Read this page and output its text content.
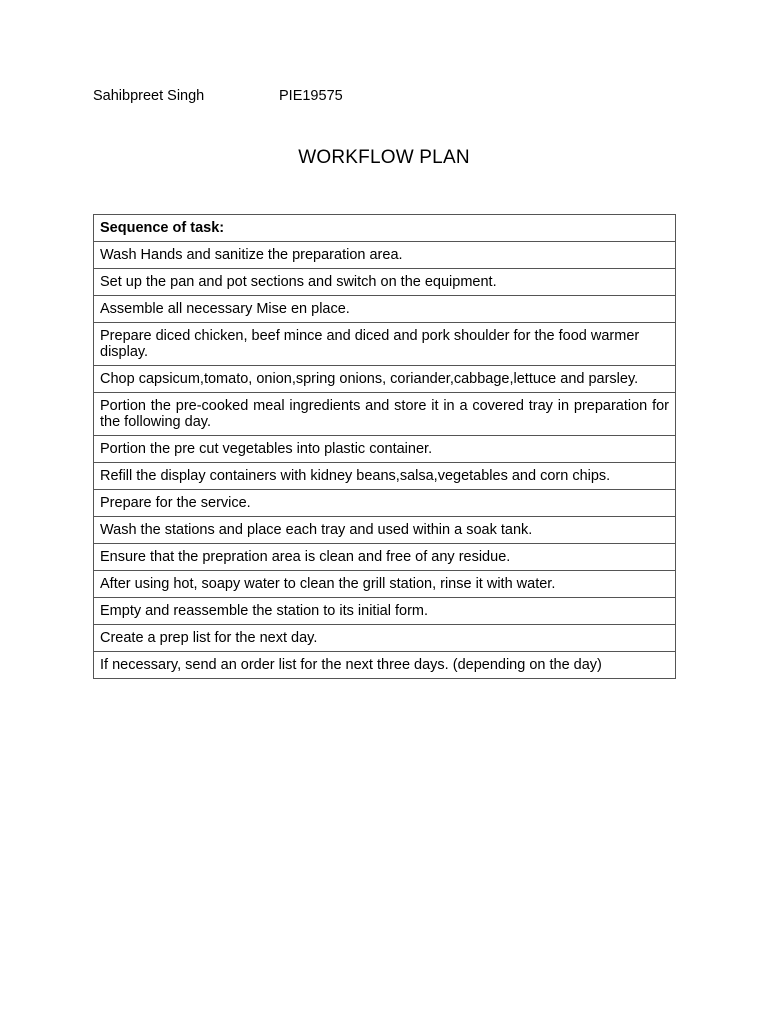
Sahibpreet Singh	PIE19575
WORKFLOW PLAN
Sequence of task:
Wash Hands and sanitize the preparation area.
Set up the pan and pot sections and switch on the equipment.
Assemble all necessary Mise en place.
Prepare diced chicken, beef mince and diced and pork shoulder for the food warmer display.
Chop capsicum,tomato, onion,spring onions, coriander,cabbage,lettuce and parsley.
Portion the pre-cooked meal ingredients and store it in a covered tray in preparation for the following day.
Portion the pre cut vegetables into plastic container.
Refill the display containers with kidney beans,salsa,vegetables and corn chips.
Prepare for the service.
Wash the stations and place each tray and used within a soak tank.
Ensure that the prepration area is clean and free of any residue.
After using hot, soapy water to clean the grill station, rinse it with water.
Empty and reassemble the station to its initial form.
Create a prep list for the next day.
If necessary, send an order list for the next three days. (depending on the day)
